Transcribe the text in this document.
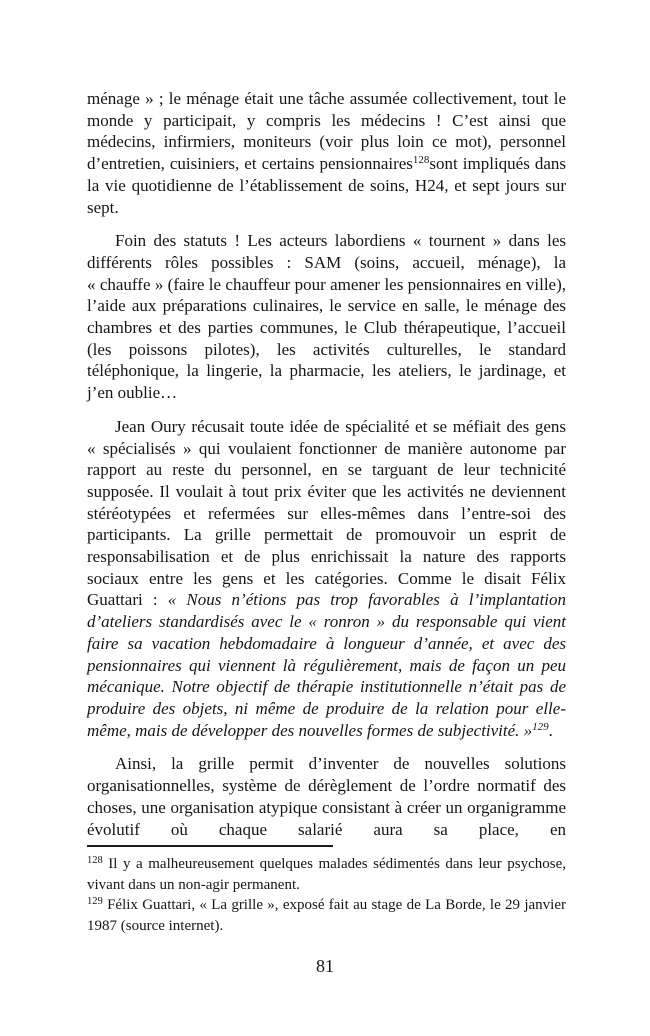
ménage » ; le ménage était une tâche assumée collectivement, tout le monde y participait, y compris les médecins ! C’est ainsi que médecins, infirmiers, moniteurs (voir plus loin ce mot), personnel d’entretien, cuisiniers, et certains pensionnaires$^{128}$sont impliqués dans la vie quotidienne de l’établissement de soins, H24, et sept jours sur sept.

Foin des statuts ! Les acteurs labordiens « tournent » dans les différents rôles possibles : SAM (soins, accueil, ménage), la « chauffe » (faire le chauffeur pour amener les pensionnaires en ville), l’aide aux préparations culinaires, le service en salle, le ménage des chambres et des parties communes, le Club thérapeutique, l’accueil (les poissons pilotes), les activités culturelles, le standard téléphonique, la lingerie, la pharmacie, les ateliers, le jardinage, et j’en oublie…

Jean Oury récusait toute idée de spécialité et se méfiait des gens « spécialisés » qui voulaient fonctionner de manière autonome par rapport au reste du personnel, en se targuant de leur technicité supposée. Il voulait à tout prix éviter que les activités ne deviennent stéréotypées et refermées sur elles-mêmes dans l’entre-soi des participants. La grille permettait de promouvoir un esprit de responsabilisation et de plus enrichissait la nature des rapports sociaux entre les gens et les catégories. Comme le disait Félix Guattari : « Nous n’étions pas trop favorables à l’implantation d’ateliers standardisés avec le « ronron » du responsable qui vient faire sa vacation hebdomadaire à longueur d’année, et avec des pensionnaires qui viennent là régulièrement, mais de façon un peu mécanique. Notre objectif de thérapie institutionnelle n’était pas de produire des objets, ni même de produire de la relation pour elle-même, mais de développer des nouvelles formes de subjectivité. »$^{129}$.

Ainsi, la grille permit d’inventer de nouvelles solutions organisationnelles, système de dérèglement de l’ordre normatif des choses, une organisation atypique consistant à créer un organigramme évolutif où chaque salarié aura sa place, en

$^{128}$ Il y a malheureusement quelques malades sédimentés dans leur psychose, vivant dans un non-agir permanent.

$^{129}$ Félix Guattari, « La grille », exposé fait au stage de La Borde, le 29 janvier 1987 (source internet).

81
